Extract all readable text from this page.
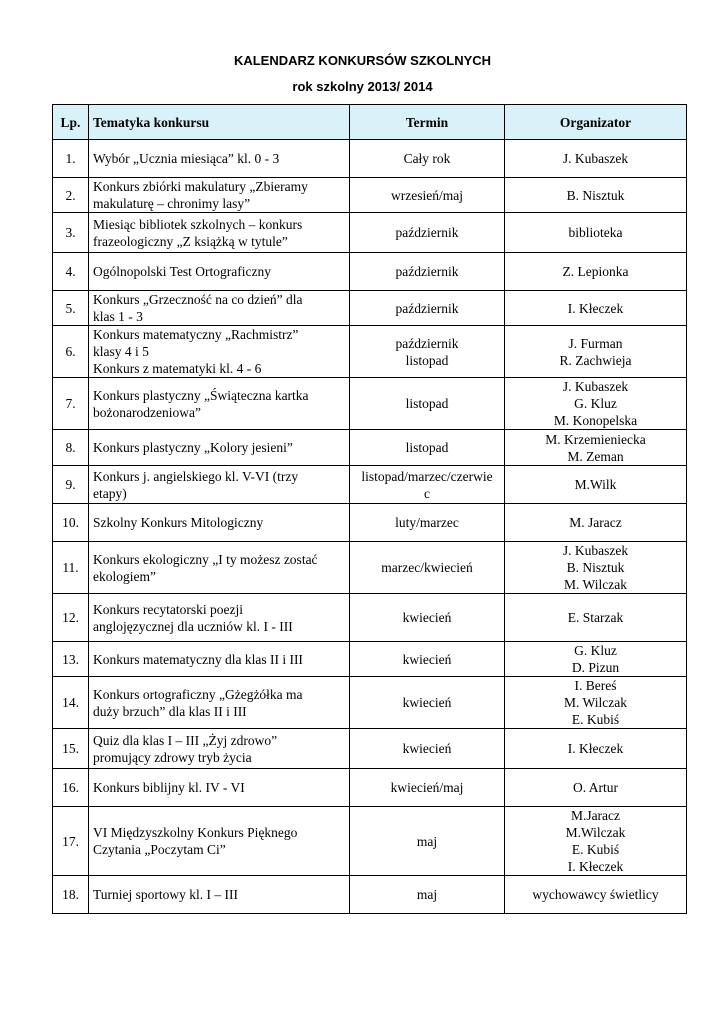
KALENDARZ KONKURSÓW SZKOLNYCH
rok szkolny 2013/ 2014
Lp.	Tematyka konkursu	Termin	Organizator
1.	Wybór „Ucznia miesiąca” kl. 0 - 3	Cały rok	J. Kubaszek

2.	Konkurs zbiórki makulatury „Zbieramy
makulaturę – chronimy lasy”	wrzesień/maj	B. Nisztuk

3.	Miesiąc bibliotek szkolnych – konkurs
frazeologiczny „Z książką w tytule”	październik	biblioteka

4.	Ogólnopolski Test Ortograficzny	październik	Z. Lepionka

5.	Konkurs „Grzeczność na co dzień” dla
klas 1 - 3	październik	I. Kłeczek

6.	Konkurs matematyczny „Rachmistrz”
klasy 4 i 5
Konkurs z matematyki kl. 4 - 6	październik
listopad	J. Furman
R. Zachwieja

7.	Konkurs plastyczny „Świąteczna kartka
bożonarodzeniowa”	listopad	J. Kubaszek
G. Kluz
M. Konopelska

8.	Konkurs plastyczny „Kolory jesieni”	listopad	M. Krzemieniecka
M. Zeman

9.	Konkurs j. angielskiego kl. V-VI (trzy
etapy)	listopad/marzec/czerwie
c	M.Wilk

10.	Szkolny Konkurs Mitologiczny	luty/marzec	M. Jaracz

11.	Konkurs ekologiczny „I ty możesz zostać
ekologiem”	marzec/kwiecień	J. Kubaszek
B. Nisztuk
M. Wilczak

12.	Konkurs recytatorski poezji
anglojęzycznej dla uczniów kl. I - III	kwiecień	E. Starzak

13.	Konkurs matematyczny dla klas II i III	kwiecień	G. Kluz
D. Pizun

14.	Konkurs ortograficzny „Gżegżółka ma
duży brzuch” dla klas II i III	kwiecień	I. Bereś
M. Wilczak
E. Kubiś

15.	Quiz dla klas I – III „Żyj zdrowo”
promujący zdrowy tryb życia	kwiecień	I. Kłeczek

16.	Konkurs biblijny kl. IV - VI	kwiecień/maj	O. Artur

17.	VI Międzyszkolny Konkurs Pięknego
Czytania „Poczytam Ci”	maj	M.Jaracz
M.Wilczak
E. Kubiś
I. Kłeczek

18.	Turniej sportowy kl. I – III	maj	wychowawcy świetlicy
